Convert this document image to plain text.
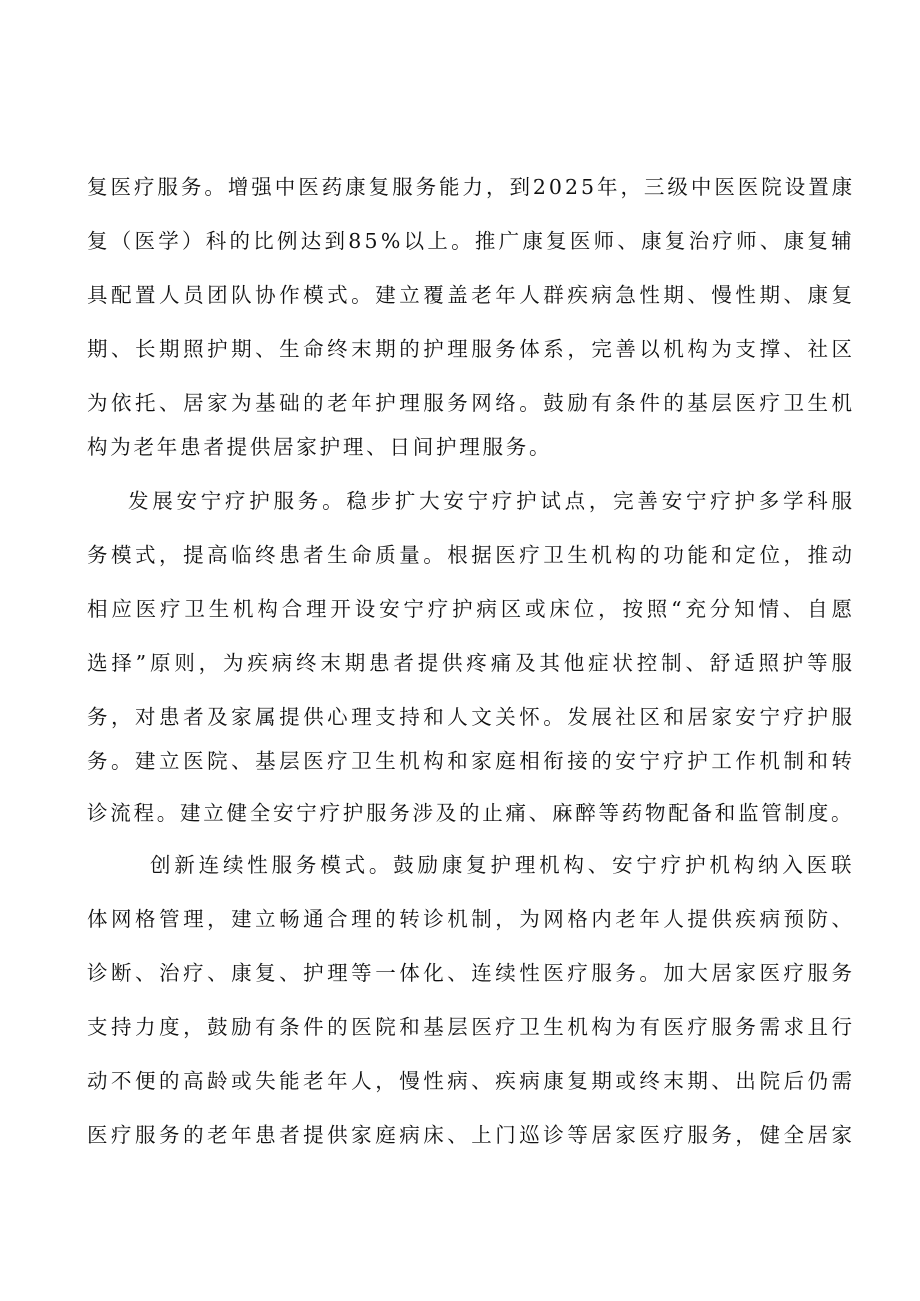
复医疗服务。增强中医药康复服务能力，到2025年，三级中医医院设置康
复（医学）科的比例达到85%以上。推广康复医师、康复治疗师、康复辅
具配置人员团队协作模式。建立覆盖老年人群疾病急性期、慢性期、康复
期、长期照护期、生命终末期的护理服务体系，完善以机构为支撑、社区
为依托、居家为基础的老年护理服务网络。鼓励有条件的基层医疗卫生机
构为老年患者提供居家护理、日间护理服务。
发展安宁疗护服务。稳步扩大安宁疗护试点，完善安宁疗护多学科服
务模式，提高临终患者生命质量。根据医疗卫生机构的功能和定位，推动
相应医疗卫生机构合理开设安宁疗护病区或床位，按照“充分知情、自愿
选择”原则，为疾病终末期患者提供疼痛及其他症状控制、舒适照护等服
务，对患者及家属提供心理支持和人文关怀。发展社区和居家安宁疗护服
务。建立医院、基层医疗卫生机构和家庭相衔接的安宁疗护工作机制和转
诊流程。建立健全安宁疗护服务涉及的止痛、麻醉等药物配备和监管制度。
创新连续性服务模式。鼓励康复护理机构、安宁疗护机构纳入医联
体网格管理，建立畅通合理的转诊机制，为网格内老年人提供疾病预防、
诊断、治疗、康复、护理等一体化、连续性医疗服务。加大居家医疗服务
支持力度，鼓励有条件的医院和基层医疗卫生机构为有医疗服务需求且行
动不便的高龄或失能老年人，慢性病、疾病康复期或终末期、出院后仍需
医疗服务的老年患者提供家庭病床、上门巡诊等居家医疗服务，健全居家
